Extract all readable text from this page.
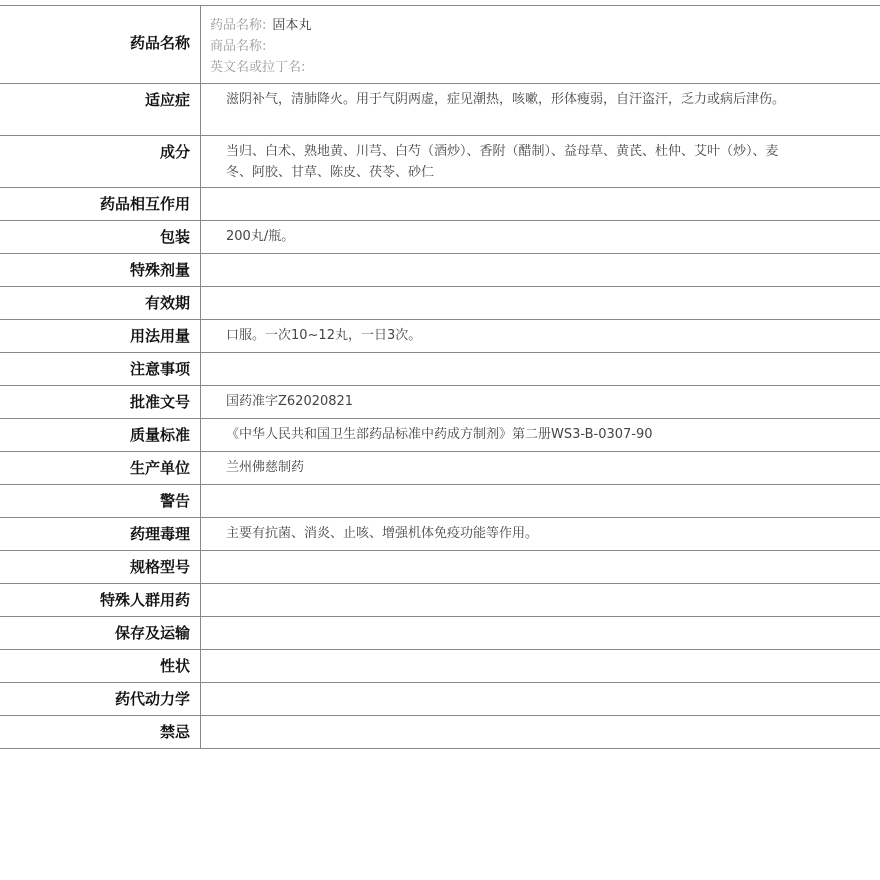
药品名称	药品名称: 固本丸
商品名称:
英文名或拉丁名:

适应症	滋阴补气，清肺降火。用于气阴两虚，症见潮热，咳嗽，形体瘦弱，自汗盗汗，乏力或病后津伤。

成分	当归、白术、熟地黄、川芎、白芍（酒炒）、香附（醋制）、益母草、黄芪、杜仲、艾叶（炒）、麦冬、阿胶、甘草、陈皮、茯苓、砂仁

药品相互作用	

包装	200丸/瓶。

特殊剂量	

有效期	

用法用量	口服。一次10~12丸，一日3次。

注意事项	

批准文号	国药准字Z62020821

质量标准	《中华人民共和国卫生部药品标准中药成方制剂》第二册WS3-B-0307-90

生产单位	兰州佛慈制药

警告	

药理毒理	主要有抗菌、消炎、止咳、增强机体免疫功能等作用。

规格型号	

特殊人群用药	

保存及运输	

性状	

药代动力学	

禁忌	
